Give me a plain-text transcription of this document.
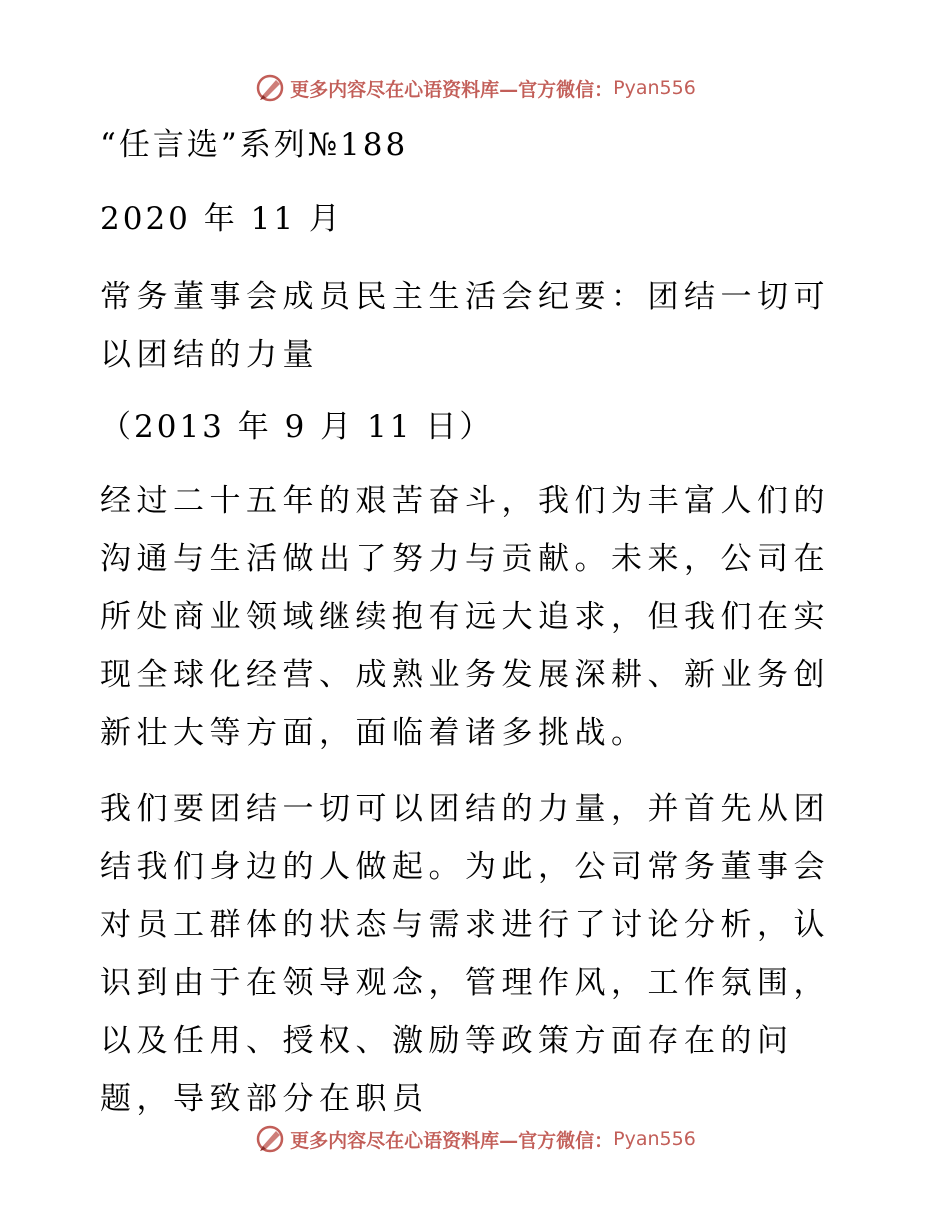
更多内容尽在心语资料库—官方微信： Pyan556
“任言选”系列№188
2020 年 11 月
常务董事会成员民主生活会纪要：团结一切可以团结的力量
（2013 年 9 月 11 日）
经过二十五年的艰苦奋斗，我们为丰富人们的沟通与生活做出了努力与贡献。未来，公司在所处商业领域继续抱有远大追求，但我们在实现全球化经营、成熟业务发展深耕、新业务创新壮大等方面，面临着诸多挑战。
我们要团结一切可以团结的力量，并首先从团结我们身边的人做起。为此，公司常务董事会对员工群体的状态与需求进行了讨论分析，认识到由于在领导观念，管理作风，工作氛围，以及任用、授权、激励等政策方面存在的问题，导致部分在职员
更多内容尽在心语资料库—官方微信： Pyan556
